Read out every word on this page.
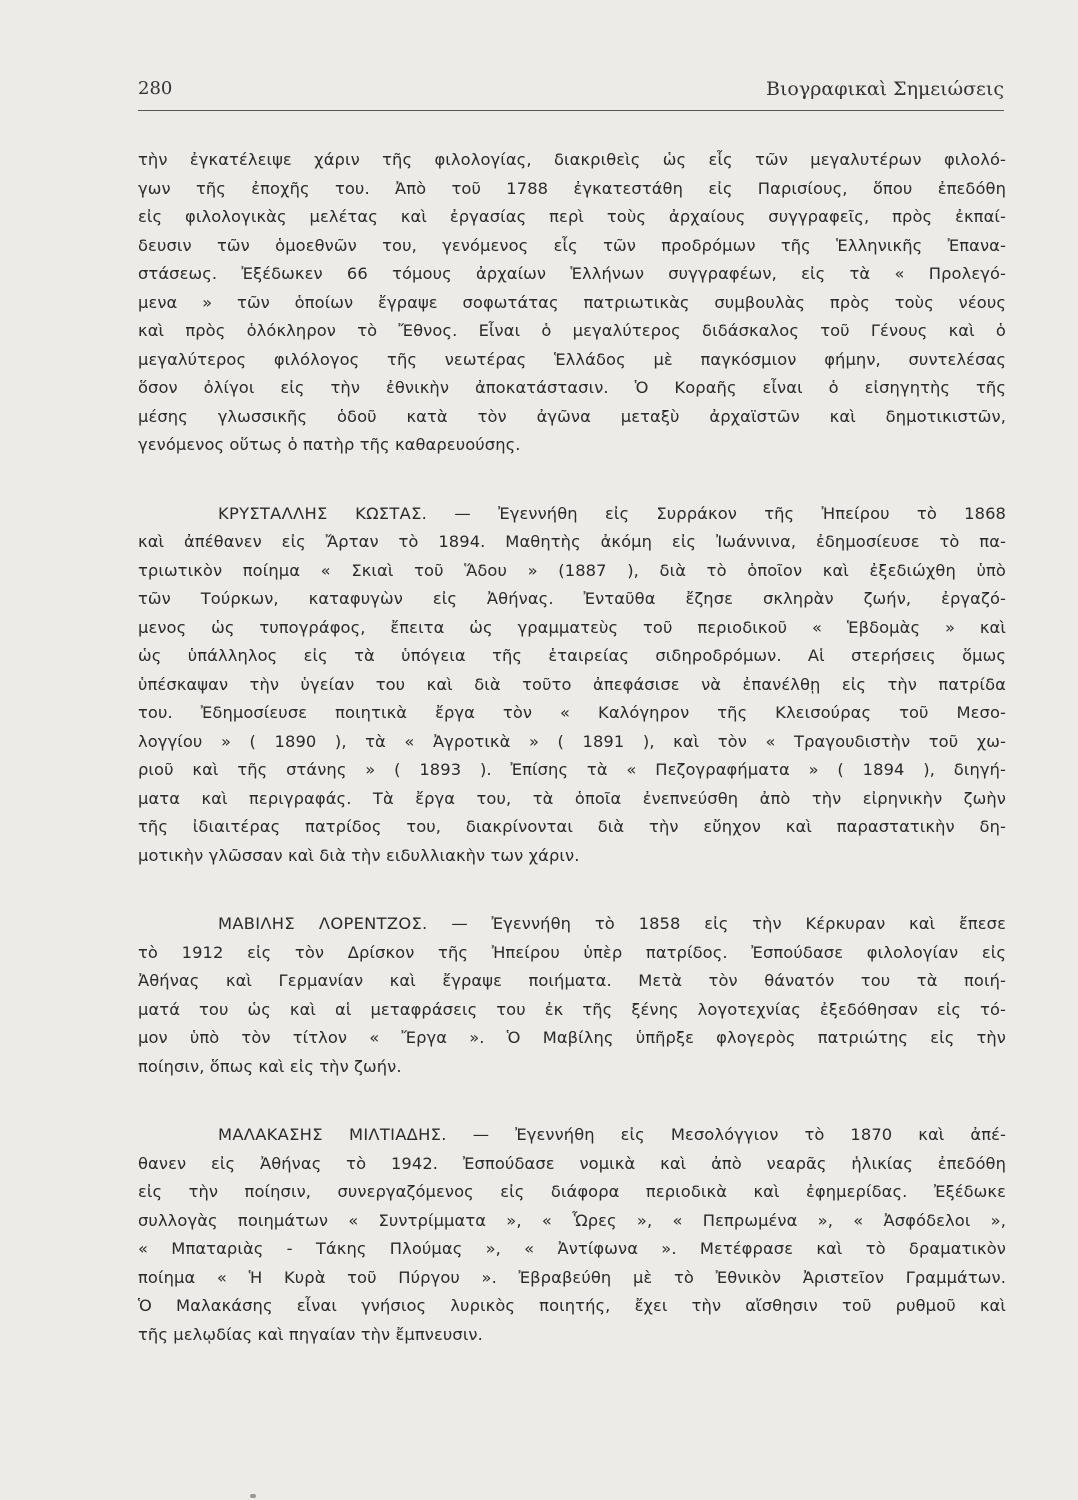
280	Βιογραφικαὶ Σημειώσεις

τὴν ἐγκατέλειψε χάριν τῆς φιλολογίας, διακριθεὶς ὡς εἷς τῶν μεγαλυτέρων φιλολό-
γων τῆς ἐποχῆς του. Ἀπὸ τοῦ 1788 ἐγκατεστάθη εἰς Παρισίους, ὅπου ἐπεδόθη
εἰς φιλολογικὰς μελέτας καὶ ἐργασίας περὶ τοὺς ἀρχαίους συγγραφεῖς, πρὸς ἐκπαί-
δευσιν τῶν ὁμοεθνῶν του, γενόμενος εἷς τῶν προδρόμων τῆς Ἑλληνικῆς Ἐπανα-
στάσεως. Ἐξέδωκεν 66 τόμους ἀρχαίων Ἑλλήνων συγγραφέων, εἰς τὰ « Προλεγό-
μενα » τῶν ὁποίων ἔγραψε σοφωτάτας πατριωτικὰς συμβουλὰς πρὸς τοὺς νέους
καὶ πρὸς ὁλόκληρον τὸ Ἔθνος. Εἶναι ὁ μεγαλύτερος διδάσκαλος τοῦ Γένους καὶ ὁ
μεγαλύτερος φιλόλογος τῆς νεωτέρας Ἑλλάδος μὲ παγκόσμιον φήμην, συντελέσας
ὅσον ὀλίγοι εἰς τὴν ἐθνικὴν ἀποκατάστασιν. Ὁ Κοραῆς εἶναι ὁ εἰσηγητὴς τῆς
μέσης γλωσσικῆς ὁδοῦ κατὰ τὸν ἀγῶνα μεταξὺ ἀρχαϊστῶν καὶ δημοτικιστῶν,
γενόμενος οὕτως ὁ πατὴρ τῆς καθαρευούσης.

ΚΡΥΣΤΑΛΛΗΣ ΚΩΣΤΑΣ. — Ἐγεννήθη εἰς Συρράκον τῆς Ἠπείρου τὸ 1868
καὶ ἀπέθανεν εἰς Ἄρταν τὸ 1894. Μαθητὴς ἀκόμη εἰς Ἰωάννινα, ἐδημοσίευσε τὸ πα-
τριωτικὸν ποίημα « Σκιαὶ τοῦ Ἅδου » (1887 ), διὰ τὸ ὁποῖον καὶ ἐξεδιώχθη ὑπὸ
τῶν Τούρκων, καταφυγὼν εἰς Ἀθήνας. Ἐνταῦθα ἔζησε σκληρὰν ζωήν, ἐργαζό-
μενος ὡς τυπογράφος, ἔπειτα ὡς γραμματεὺς τοῦ περιοδικοῦ « Ἑβδομὰς » καὶ
ὡς ὑπάλληλος εἰς τὰ ὑπόγεια τῆς ἑταιρείας σιδηροδρόμων. Αἱ στερήσεις ὅμως
ὑπέσκαψαν τὴν ὑγείαν του καὶ διὰ τοῦτο ἀπεφάσισε νὰ ἐπανέλθῃ εἰς τὴν πατρίδα
του. Ἐδημοσίευσε ποιητικὰ ἔργα τὸν « Καλόγηρον τῆς Κλεισούρας τοῦ Μεσο-
λογγίου » ( 1890 ), τὰ « Ἀγροτικὰ » ( 1891 ), καὶ τὸν « Τραγουδιστὴν τοῦ χω-
ριοῦ καὶ τῆς στάνης » ( 1893 ). Ἐπίσης τὰ « Πεζογραφήματα » ( 1894 ), διηγή-
ματα καὶ περιγραφάς. Τὰ ἔργα του, τὰ ὁποῖα ἐνεπνεύσθη ἀπὸ τὴν εἰρηνικὴν ζωὴν
τῆς ἰδιαιτέρας πατρίδος του, διακρίνονται διὰ τὴν εὔηχον καὶ παραστατικὴν δη-
μοτικὴν γλῶσσαν καὶ διὰ τὴν ειδυλλιακὴν των χάριν.

ΜΑΒΙΛΗΣ ΛΟΡΕΝΤΖΟΣ. — Ἐγεννήθη τὸ 1858 εἰς τὴν Κέρκυραν καὶ ἔπεσε
τὸ 1912 εἰς τὸν Δρίσκον τῆς Ἠπείρου ὑπὲρ πατρίδος. Ἐσπούδασε φιλολογίαν εἰς
Ἀθήνας καὶ Γερμανίαν καὶ ἔγραψε ποιήματα. Μετὰ τὸν θάνατόν του τὰ ποιή-
ματά του ὡς καὶ αἱ μεταφράσεις του ἐκ τῆς ξένης λογοτεχνίας ἐξεδόθησαν εἰς τό-
μον ὑπὸ τὸν τίτλον « Ἔργα ». Ὁ Μαβίλης ὑπῆρξε φλογερὸς πατριώτης εἰς τὴν
ποίησιν, ὅπως καὶ εἰς τὴν ζωήν.

ΜΑΛΑΚΑΣΗΣ ΜΙΛΤΙΑΔΗΣ. — Ἐγεννήθη εἰς Μεσολόγγιον τὸ 1870 καὶ ἀπέ-
θανεν εἰς Ἀθήνας τὸ 1942. Ἐσπούδασε νομικὰ καὶ ἀπὸ νεαρᾶς ἡλικίας ἐπεδόθη
εἰς τὴν ποίησιν, συνεργαζόμενος εἰς διάφορα περιοδικὰ καὶ ἐφημερίδας. Ἐξέδωκε
συλλογὰς ποιημάτων « Συντρίμματα », « Ὧρες », « Πεπρωμένα », « Ἀσφόδελοι »,
« Μπαταριὰς - Τάκης Πλούμας », « Ἀντίφωνα ». Μετέφρασε καὶ τὸ δραματικὸν
ποίημα « Ἡ Κυρὰ τοῦ Πύργου ». Ἐβραβεύθη μὲ τὸ Ἐθνικὸν Ἀριστεῖον Γραμμάτων.
Ὁ Μαλακάσης εἶναι γνήσιος λυρικὸς ποιητής, ἔχει τὴν αἴσθησιν τοῦ ρυθμοῦ καὶ
τῆς μελῳδίας καὶ πηγαίαν τὴν ἔμπνευσιν.
